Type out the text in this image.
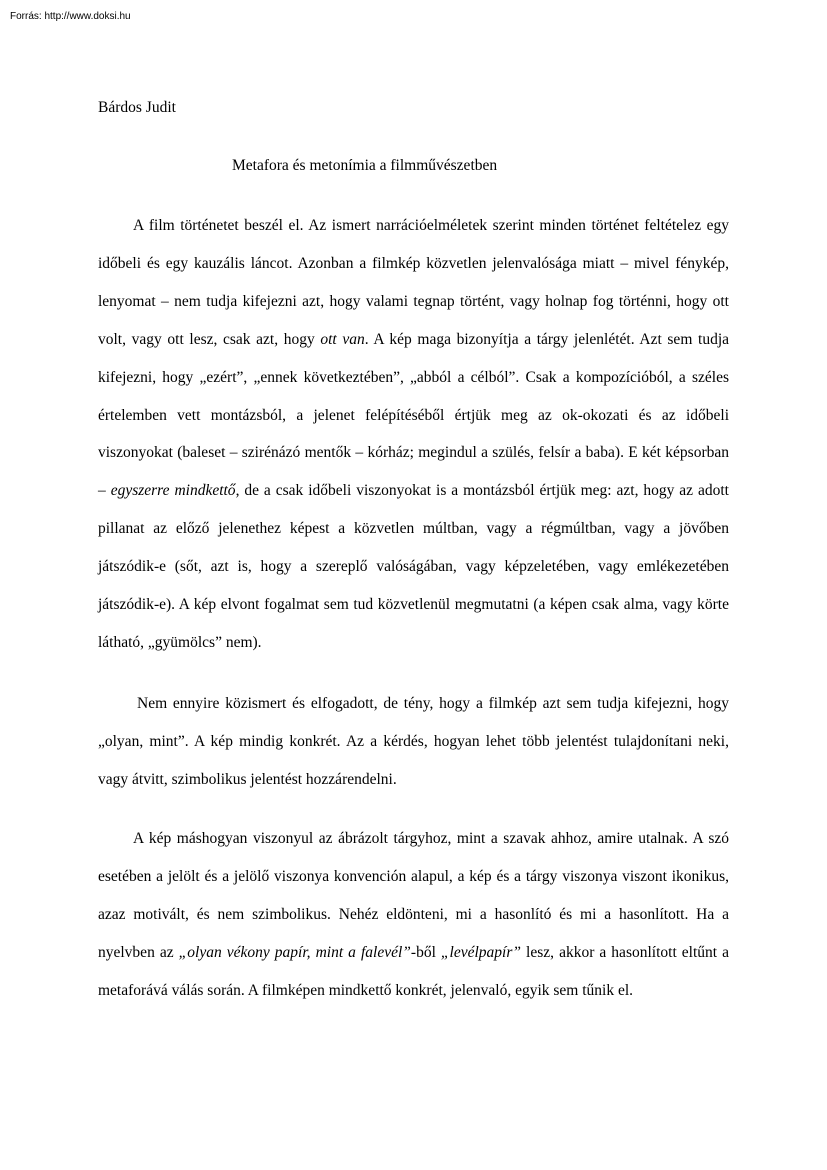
Forrás: http://www.doksi.hu
Bárdos Judit
Metafora és metonímia a filmművészetben

A film történetet beszél el. Az ismert narrációelméletek szerint minden történet feltételez egy időbeli és egy kauzális láncot. Azonban a filmkép közvetlen jelenvalósága miatt – mivel fénykép, lenyomat – nem tudja kifejezni azt, hogy valami tegnap történt, vagy holnap fog történni, hogy ott volt, vagy ott lesz, csak azt, hogy ott van. A kép maga bizonyítja a tárgy jelenlétét. Azt sem tudja kifejezni, hogy „ezért”, „ennek következtében”, „abból a célból”. Csak a kompozícióból, a széles értelemben vett montázsból, a jelenet felépítéséből értjük meg az ok-okozati és az időbeli viszonyokat (baleset – szirénázó mentők – kórház; megindul a szülés, felsír a baba). E két képsorban – egyszerre mindkettő, de a csak időbeli viszonyokat is a montázsból értjük meg: azt, hogy az adott pillanat az előző jelenethez képest a közvetlen múltban, vagy a régmúltban, vagy a jövőben játszódik-e (sőt, azt is, hogy a szereplő valóságában, vagy képzeletében, vagy emlékezetében játszódik-e). A kép elvont fogalmat sem tud közvetlenül megmutatni (a képen csak alma, vagy körte látható, „gyümölcs” nem).

Nem ennyire közismert és elfogadott, de tény, hogy a filmkép azt sem tudja kifejezni, hogy „olyan, mint”. A kép mindig konkrét. Az a kérdés, hogyan lehet több jelentést tulajdonítani neki, vagy átvitt, szimbolikus jelentést hozzárendelni.

A kép máshogyan viszonyul az ábrázolt tárgyhoz, mint a szavak ahhoz, amire utalnak. A szó esetében a jelölt és a jelölő viszonya konvención alapul, a kép és a tárgy viszonya viszont ikonikus, azaz motivált, és nem szimbolikus. Nehéz eldönteni, mi a hasonlító és mi a hasonlított. Ha a nyelvben az „olyan vékony papír, mint a falevél”-ből „levélpapír” lesz, akkor a hasonlított eltűnt a metaforává válás során. A filmképen mindkettő konkrét, jelenvaló, egyik sem tűnik el.
